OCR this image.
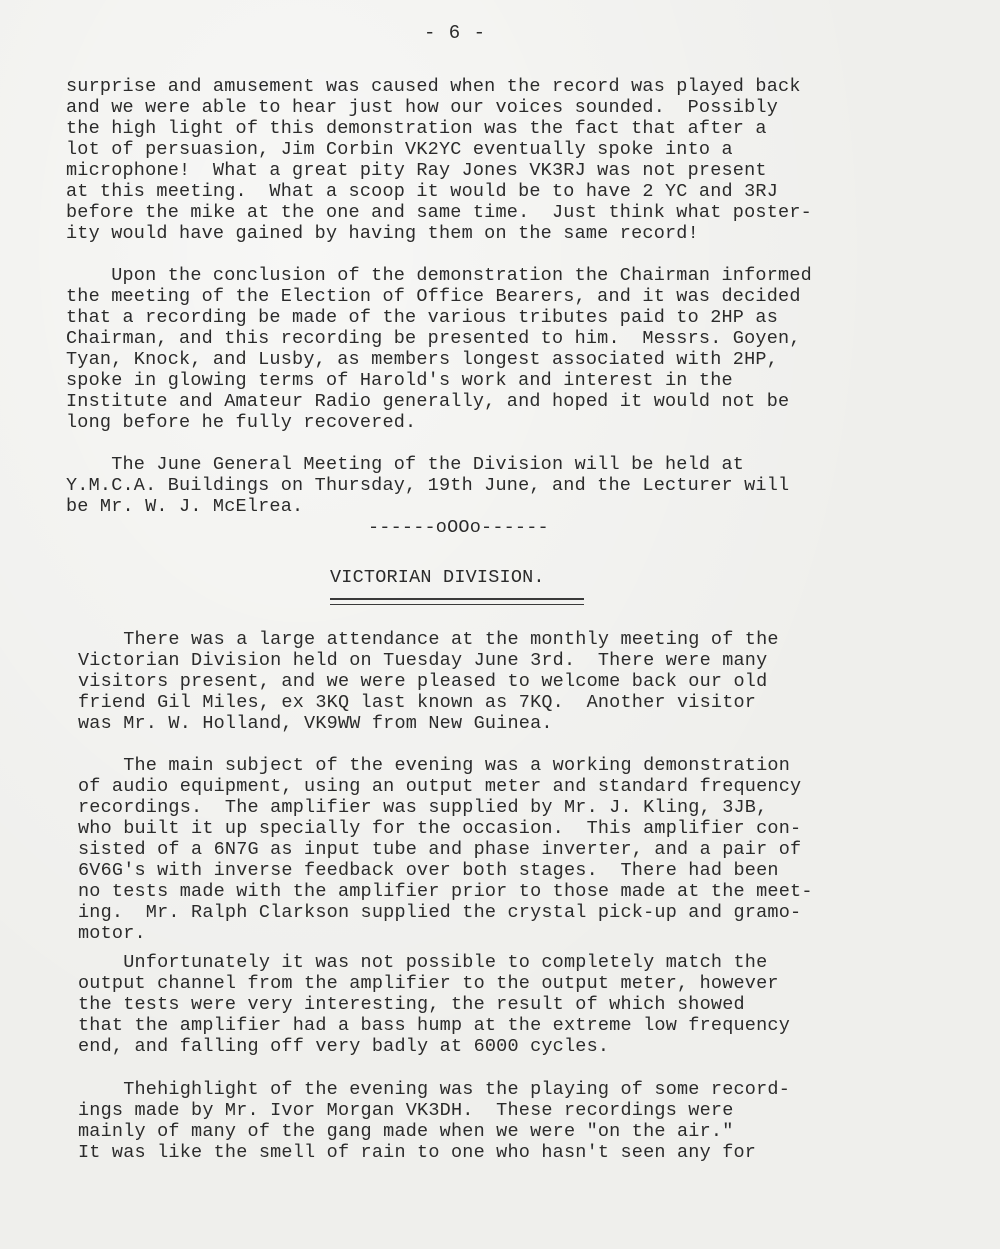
- 6 -
surprise and amusement was caused when the record was played back
and we were able to hear just how our voices sounded.  Possibly
the high light of this demonstration was the fact that after a
lot of persuasion, Jim Corbin VK2YC eventually spoke into a
microphone!  What a great pity Ray Jones VK3RJ was not present
at this meeting.  What a scoop it would be to have 2 YC and 3RJ
before the mike at the one and same time.  Just think what poster-
ity would have gained by having them on the same record!
Upon the conclusion of the demonstration the Chairman informed
the meeting of the Election of Office Bearers, and it was decided
that a recording be made of the various tributes paid to 2HP as
Chairman, and this recording be presented to him.  Messrs. Goyen,
Tyan, Knock, and Lusby, as members longest associated with 2HP,
spoke in glowing terms of Harold's work and interest in the
Institute and Amateur Radio generally, and hoped it would not be
long before he fully recovered.
The June General Meeting of the Division will be held at
Y.M.C.A. Buildings on Thursday, 19th June, and the Lecturer will
be Mr. W. J. McElrea.
------oOOo------
VICTORIAN DIVISION.
There was a large attendance at the monthly meeting of the
Victorian Division held on Tuesday June 3rd.  There were many
visitors present, and we were pleased to welcome back our old
friend Gil Miles, ex 3KQ last known as 7KQ.  Another visitor
was Mr. W. Holland, VK9WW from New Guinea.
The main subject of the evening was a working demonstration
of audio equipment, using an output meter and standard frequency
recordings.  The amplifier was supplied by Mr. J. Kling, 3JB,
who built it up specially for the occasion.  This amplifier con-
sisted of a 6N7G as input tube and phase inverter, and a pair of
6V6G's with inverse feedback over both stages.  There had been
no tests made with the amplifier prior to those made at the meet-
ing.  Mr. Ralph Clarkson supplied the crystal pick-up and gramo-
motor.
Unfortunately it was not possible to completely match the
output channel from the amplifier to the output meter, however
the tests were very interesting, the result of which showed
that the amplifier had a bass hump at the extreme low frequency
end, and falling off very badly at 6000 cycles.
Thehighlight of the evening was the playing of some record-
ings made by Mr. Ivor Morgan VK3DH.  These recordings were
mainly of many of the gang made when we were "on the air."
It was like the smell of rain to one who hasn't seen any for
